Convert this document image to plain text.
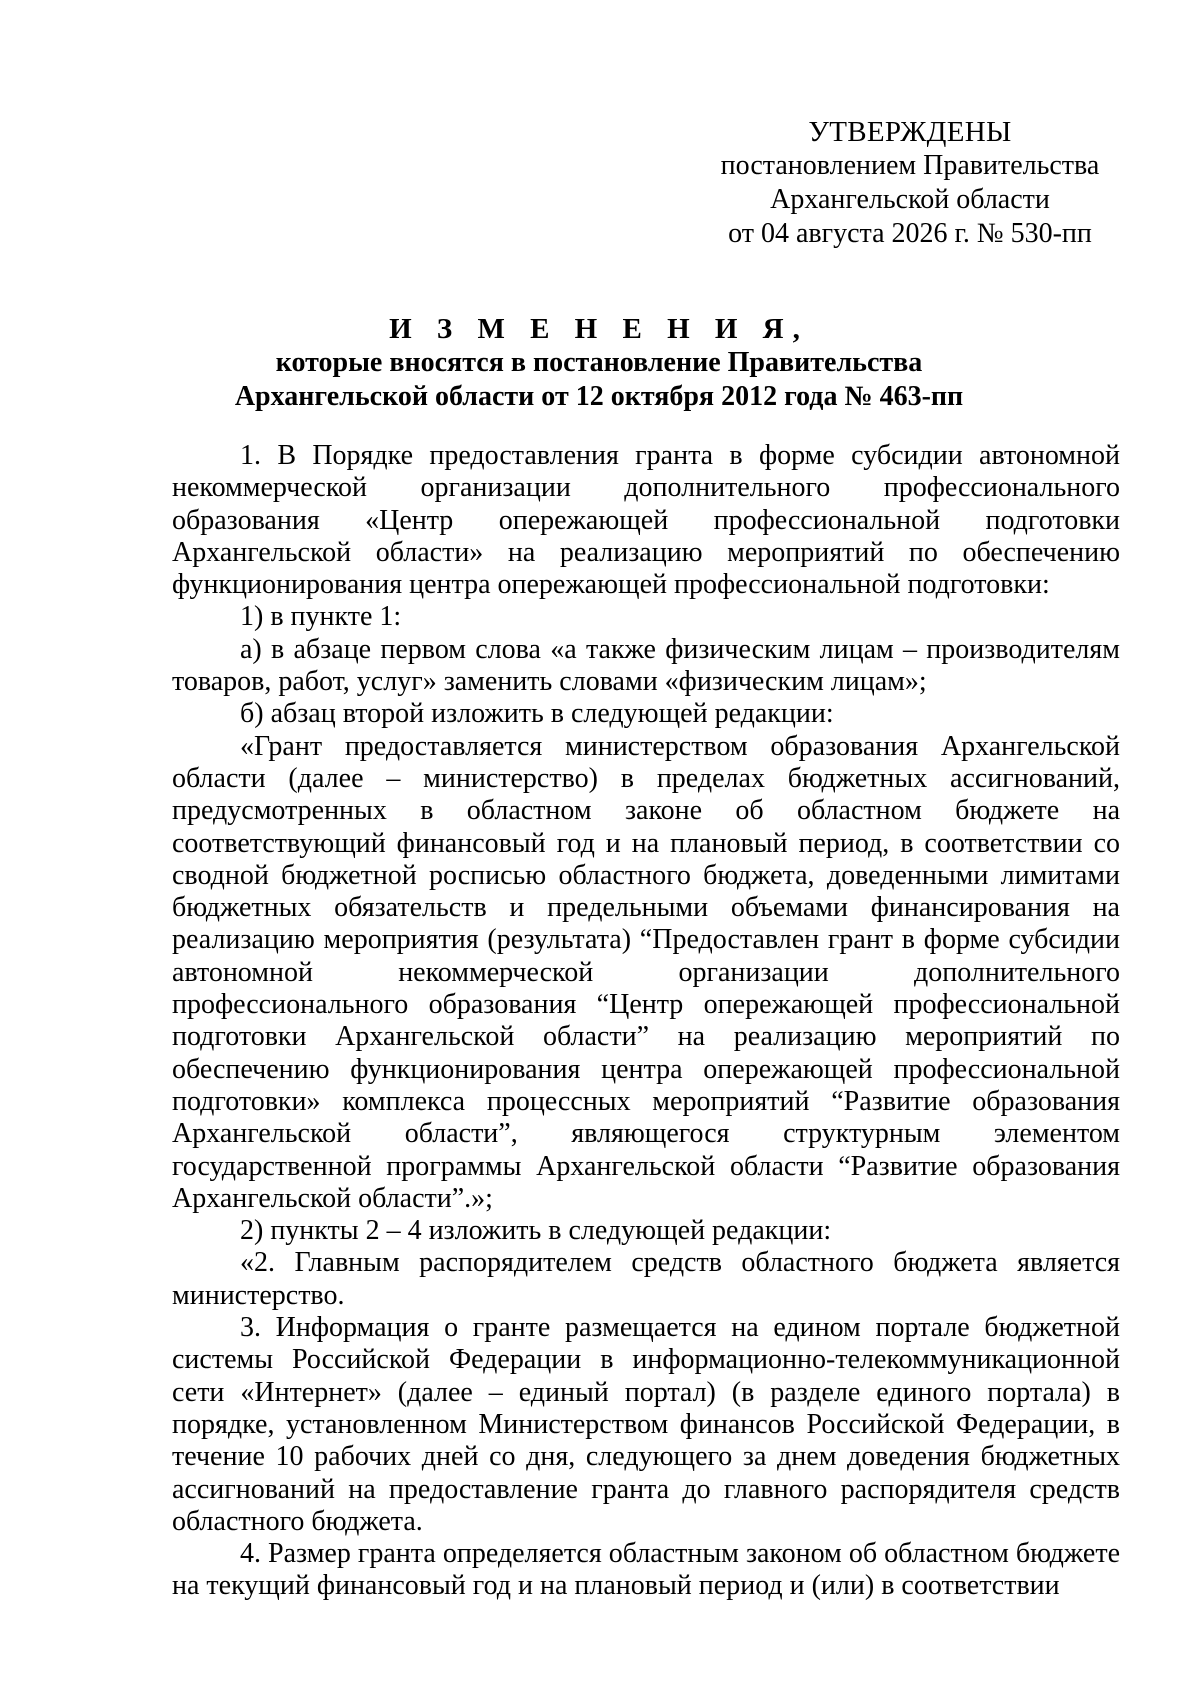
УТВЕРЖДЕНЫ
постановлением Правительства
Архангельской области
от 04 августа 2026 г. № 530-пп
И З М Е Н Е Н И Я,
которые вносятся в постановление Правительства
Архангельской области от 12 октября 2012 года № 463-пп

1. В Порядке предоставления гранта в форме субсидии автономной некоммерческой организации дополнительного профессионального образования «Центр опережающей профессиональной подготовки Архангельской области» на реализацию мероприятий по обеспечению функционирования центра опережающей профессиональной подготовки:

1) в пункте 1:

а) в абзаце первом слова «а также физическим лицам – производителям товаров, работ, услуг» заменить словами «физическим лицам»;

б) абзац второй изложить в следующей редакции:

«Грант предоставляется министерством образования Архангельской области (далее – министерство) в пределах бюджетных ассигнований, предусмотренных в областном законе об областном бюджете на соответствующий финансовый год и на плановый период, в соответствии со сводной бюджетной росписью областного бюджета, доведенными лимитами бюджетных обязательств и предельными объемами финансирования на реализацию мероприятия (результата) “Предоставлен грант в форме субсидии автономной некоммерческой организации дополнительного профессионального образования “Центр опережающей профессиональной подготовки Архангельской области” на реализацию мероприятий по обеспечению функционирования центра опережающей профессиональной подготовки» комплекса процессных мероприятий “Развитие образования Архангельской области”, являющегося структурным элементом государственной программы Архангельской области “Развитие образования Архангельской области”.»;

2) пункты 2 – 4 изложить в следующей редакции:

«2. Главным распорядителем средств областного бюджета является министерство.

3. Информация о гранте размещается на едином портале бюджетной системы Российской Федерации в информационно-телекоммуникационной сети «Интернет» (далее – единый портал) (в разделе единого портала) в порядке, установленном Министерством финансов Российской Федерации, в течение 10 рабочих дней со дня, следующего за днем доведения бюджетных ассигнований на предоставление гранта до главного распорядителя средств областного бюджета.

4. Размер гранта определяется областным законом об областном бюджете на текущий финансовый год и на плановый период и (или) в соответствии
